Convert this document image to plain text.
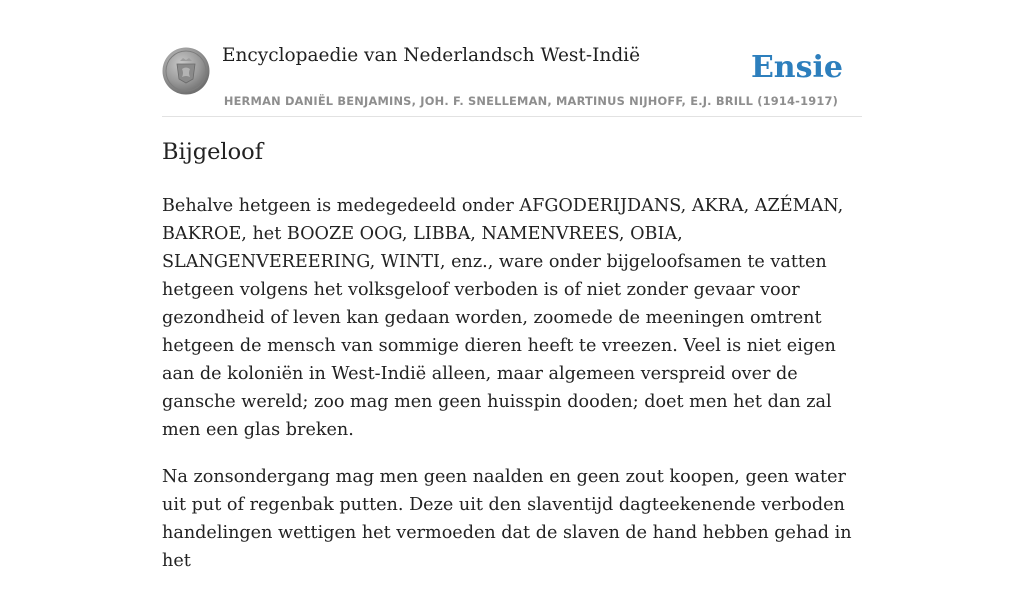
Encyclopaedie van Nederlandsch West-Indië	Ensie
HERMAN DANIËL BENJAMINS, JOH. F. SNELLEMAN, MARTINUS NIJHOFF, E.J. BRILL (1914-1917)
Bijgeloof

Behalve hetgeen is medegedeeld onder AFGODERIJDANS, AKRA, AZÉMAN, BAKROE, het BOOZE OOG, LIBBA, NAMENVREES, OBIA, SLANGENVEREERING, WINTI, enz., ware onder bijgeloofsamen te vatten hetgeen volgens het volksgeloof verboden is of niet zonder gevaar voor gezondheid of leven kan gedaan worden, zoomede de meeningen omtrent hetgeen de mensch van sommige dieren heeft te vreezen. Veel is niet eigen aan de koloniën in West-Indië alleen, maar algemeen verspreid over de gansche wereld; zoo mag men geen huisspin dooden; doet men het dan zal men een glas breken.

Na zonsondergang mag men geen naalden en geen zout koopen, geen water uit put of regenbak putten. Deze uit den slaventijd dagteekenende verboden handelingen wettigen het vermoeden dat de slaven de hand hebben gehad in het
